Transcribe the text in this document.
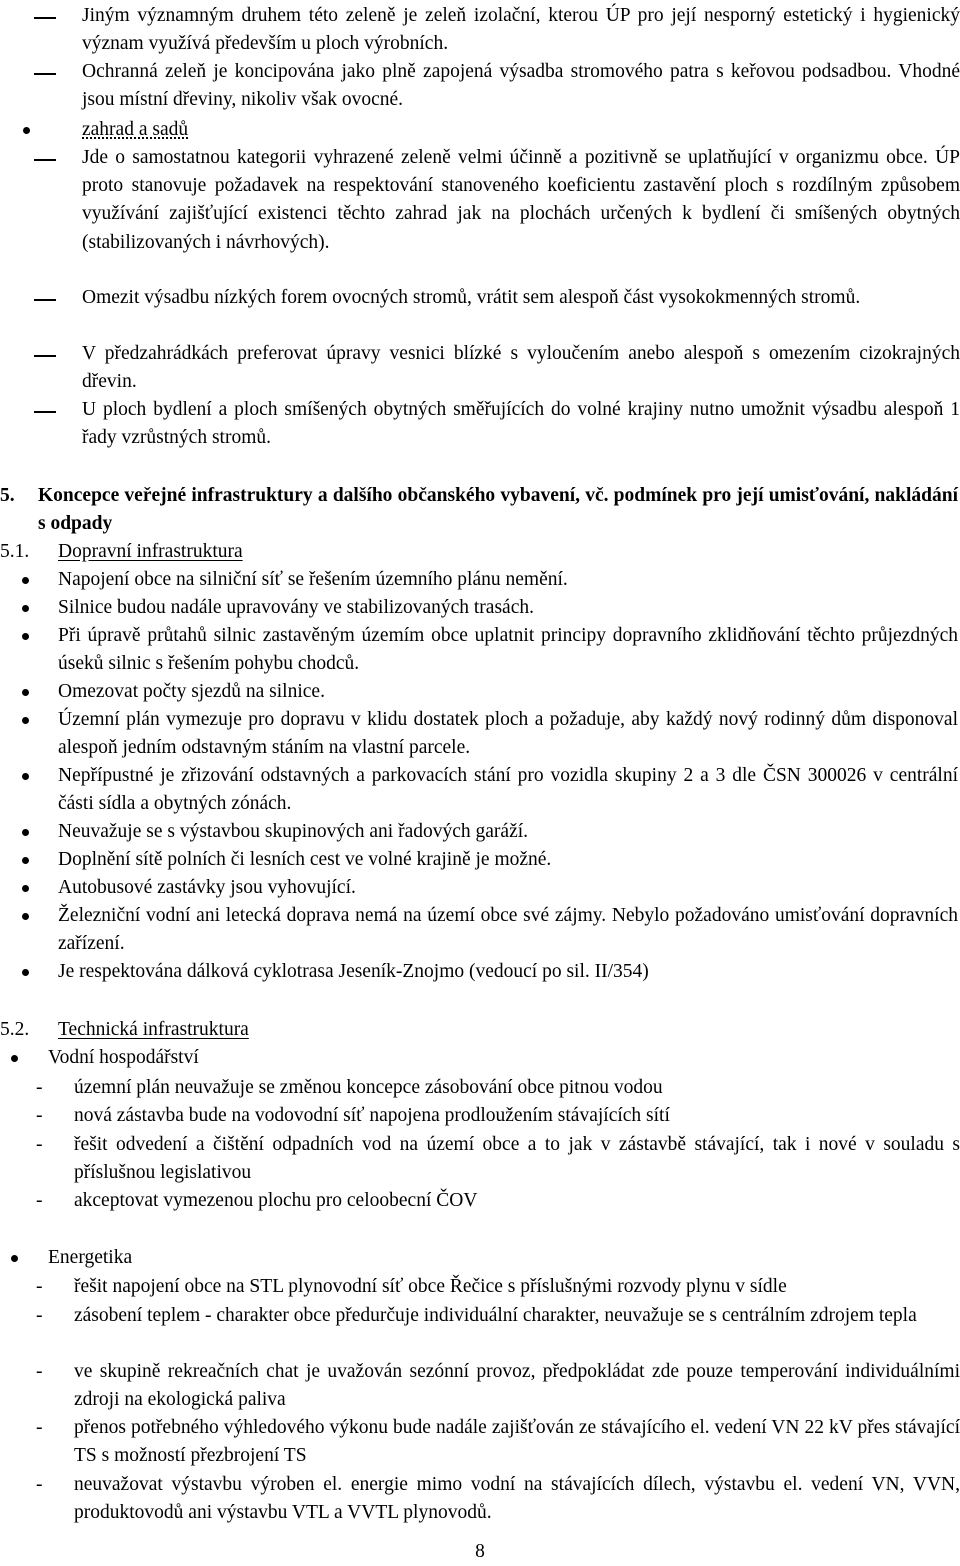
Jiným významným druhem této zeleně je zeleň izolační, kterou ÚP pro její nesporný estetický i hygienický význam využívá především u ploch výrobních.
Ochranná zeleň je koncipována jako plně zapojená výsadba stromového patra s keřovou podsadbou. Vhodné jsou místní dřeviny, nikoliv však ovocné.
zahrad a sadů
Jde o samostatnou kategorii vyhrazené zeleně velmi účinně a pozitivně se uplatňující v organizmu obce. ÚP proto stanovuje požadavek na respektování stanoveného koeficientu zastavění ploch s rozdílným způsobem využívání zajišťující existenci těchto zahrad jak na plochách určených k bydlení či smíšených obytných (stabilizovaných i návrhových).
Omezit výsadbu nízkých forem ovocných stromů, vrátit sem alespoň část vysokokmenných stromů.
V předzahrádkách preferovat úpravy vesnici blízké s vyloučením anebo alespoň s omezením cizokrajných dřevin.
U ploch bydlení a ploch smíšených obytných směřujících do volné krajiny nutno umožnit výsadbu alespoň 1 řady vzrůstných stromů.
5. Koncepce veřejné infrastruktury a dalšího občanského vybavení, vč. podmínek pro její umisťování, nakládání s odpady
5.1. Dopravní infrastruktura
Napojení obce na silniční síť se řešením územního plánu nemění.
Silnice budou nadále upravovány ve stabilizovaných trasách.
Při úpravě průtahů silnic zastavěným územím obce uplatnit principy dopravního zklidňování těchto průjezdných úseků silnic s řešením pohybu chodců.
Omezovat počty sjezdů na silnice.
Územní plán vymezuje pro dopravu v klidu dostatek ploch a požaduje, aby každý nový rodinný dům disponoval alespoň jedním odstavným stáním na vlastní parcele.
Nepřípustné je zřizování odstavných a parkovacích stání pro vozidla skupiny 2 a 3 dle ČSN 300026 v centrální části sídla a obytných zónách.
Neuvažuje se s výstavbou skupinových ani řadových garáží.
Doplnění sítě polních či lesních cest ve volné krajině je možné.
Autobusové zastávky jsou vyhovující.
Železniční vodní ani letecká doprava nemá na území obce své zájmy. Nebylo požadováno umisťování dopravních zařízení.
Je respektována dálková cyklotrasa Jeseník-Znojmo (vedoucí po sil. II/354)
5.2. Technická infrastruktura
Vodní hospodářství
- územní plán neuvažuje se změnou koncepce zásobování obce pitnou vodou
- nová zástavba bude na vodovodní síť napojena prodloužením stávajících sítí
- řešit odvedení a čištění odpadních vod na území obce a to jak v zástavbě stávající, tak i nové v souladu s příslušnou legislativou
- akceptovat vymezenou plochu pro celoobecní ČOV
Energetika
- řešit napojení obce na STL plynovodní síť obce Řečice s příslušnými rozvody plynu v sídle
- zásobení teplem - charakter obce předurčuje individuální charakter, neuvažuje se s centrálním zdrojem tepla
- ve skupině rekreačních chat je uvažován sezónní provoz, předpokládat zde pouze temperování individuálními zdroji na ekologická paliva
- přenos potřebného výhledového výkonu bude nadále zajišťován ze stávajícího el. vedení VN 22 kV přes stávající TS s možností přezbrojení TS
- neuvažovat výstavbu výroben el. energie mimo vodní na stávajících dílech, výstavbu el. vedení VN, VVN, produktovodů ani výstavbu VTL a VVTL plynovodů.
8
